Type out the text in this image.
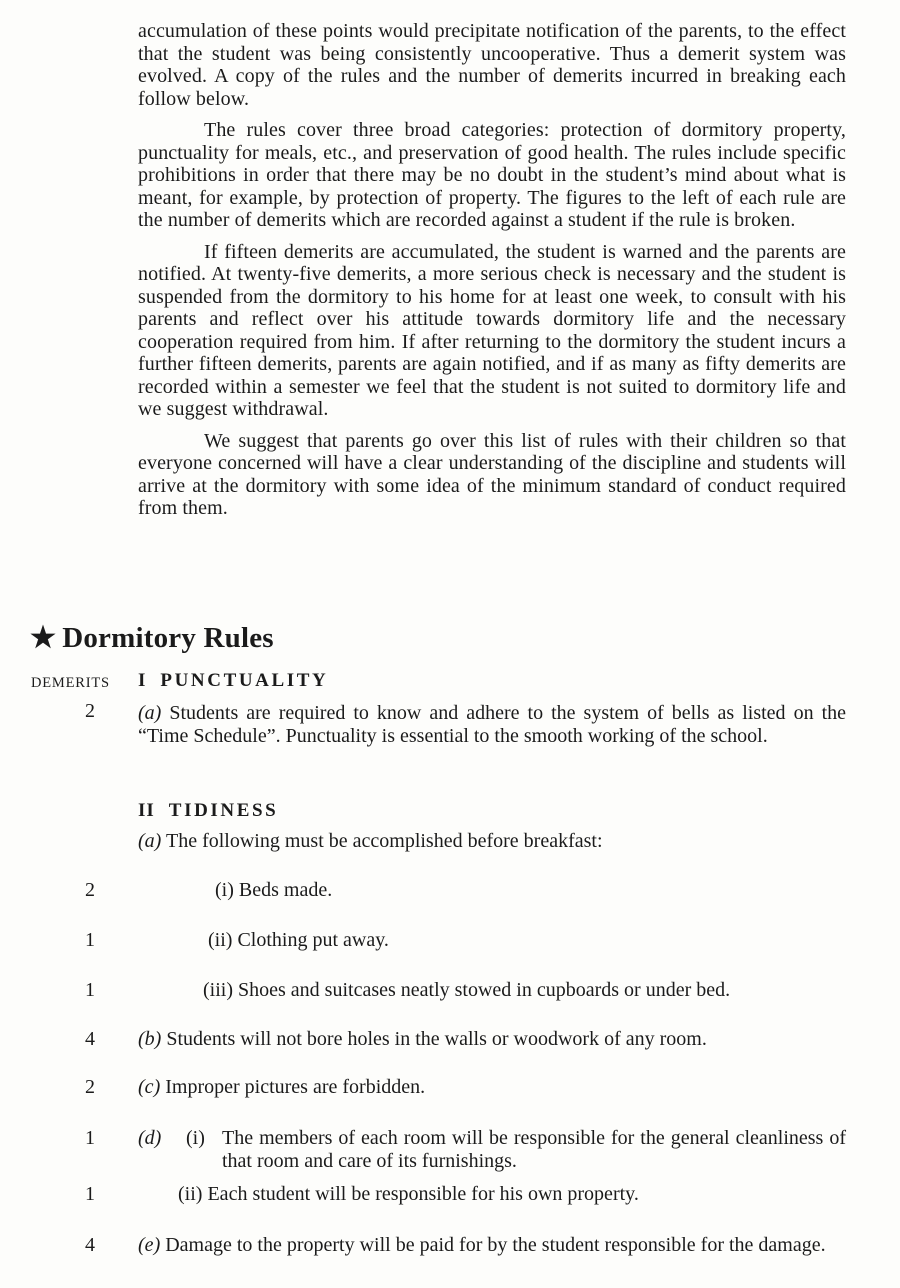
accumulation of these points would precipitate notification of the parents, to the effect that the student was being consistently uncooperative. Thus a demerit system was evolved. A copy of the rules and the number of demerits incurred in breaking each follow below.

The rules cover three broad categories: protection of dormitory property, punctuality for meals, etc., and preservation of good health. The rules include specific prohibitions in order that there may be no doubt in the student’s mind about what is meant, for example, by protection of property. The figures to the left of each rule are the number of demerits which are recorded against a student if the rule is broken.

If fifteen demerits are accumulated, the student is warned and the parents are notified. At twenty-five demerits, a more serious check is necessary and the student is suspended from the dormitory to his home for at least one week, to consult with his parents and reflect over his attitude towards dormitory life and the necessary cooperation required from him. If after returning to the dormitory the student incurs a further fifteen demerits, parents are again notified, and if as many as fifty demerits are recorded within a semester we feel that the student is not suited to dormitory life and we suggest withdrawal.

We suggest that parents go over this list of rules with their children so that everyone concerned will have a clear understanding of the discipline and students will arrive at the dormitory with some idea of the minimum standard of conduct required from them.

★ Dormitory Rules
DEMERITS I PUNCTUALITY
2 (a) Students are required to know and adhere to the system of bells as listed on the “Time Schedule”. Punctuality is essential to the smooth working of the school.
II TIDINESS
(a) The following must be accomplished before breakfast:
2	(i) Beds made.
1	(ii) Clothing put away.
1	(iii) Shoes and suitcases neatly stowed in cupboards or under bed.
4 (b) Students will not bore holes in the walls or woodwork of any room.
2 (c) Improper pictures are forbidden.
1 (d)	(i) The members of each room will be responsible for the general cleanliness of that room and care of its furnishings.
1	(ii) Each student will be responsible for his own property.
4 (e) Damage to the property will be paid for by the student responsible for the damage.
